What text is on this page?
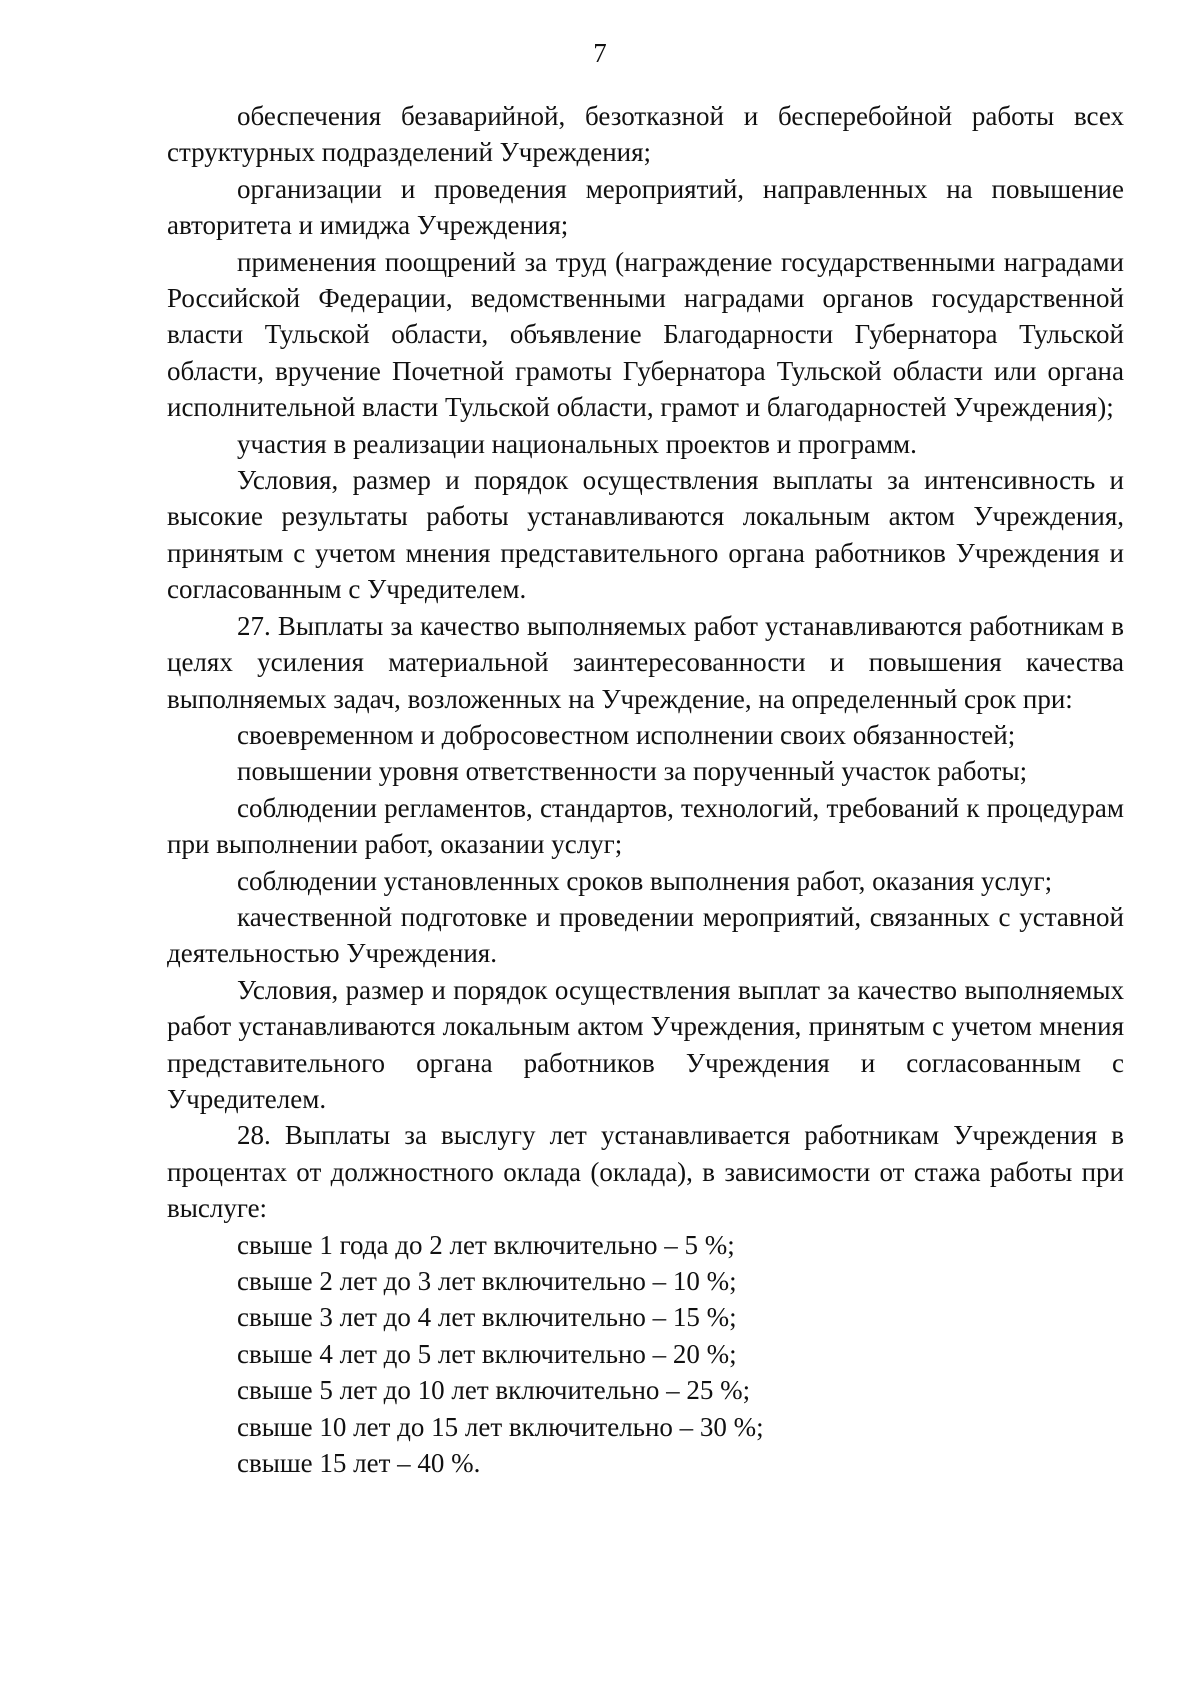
7

обеспечения безаварийной, безотказной и бесперебойной работы всех структурных подразделений Учреждения;

организации и проведения мероприятий, направленных на повышение авторитета и имиджа Учреждения;

применения поощрений за труд (награждение государственными наградами Российской Федерации, ведомственными наградами органов государственной власти Тульской области, объявление Благодарности Губернатора Тульской области, вручение Почетной грамоты Губернатора Тульской области или органа исполнительной власти Тульской области, грамот и благодарностей Учреждения);

участия в реализации национальных проектов и программ.

Условия, размер и порядок осуществления выплаты за интенсивность и высокие результаты работы устанавливаются локальным актом Учреждения, принятым с учетом мнения представительного органа работников Учреждения и согласованным с Учредителем.

27. Выплаты за качество выполняемых работ устанавливаются работникам в целях усиления материальной заинтересованности и повышения качества выполняемых задач, возложенных на Учреждение, на определенный срок при:

своевременном и добросовестном исполнении своих обязанностей;

повышении уровня ответственности за порученный участок работы;

соблюдении регламентов, стандартов, технологий, требований к процедурам при выполнении работ, оказании услуг;

соблюдении установленных сроков выполнения работ, оказания услуг;

качественной подготовке и проведении мероприятий, связанных с уставной деятельностью Учреждения.

Условия, размер и порядок осуществления выплат за качество выполняемых работ устанавливаются локальным актом Учреждения, принятым с учетом мнения представительного органа работников Учреждения и согласованным с Учредителем.

28. Выплаты за выслугу лет устанавливается работникам Учреждения в процентах от должностного оклада (оклада), в зависимости от стажа работы при выслуге:

свыше 1 года до 2 лет включительно – 5 %;

свыше 2 лет до 3 лет включительно – 10 %;

свыше 3 лет до 4 лет включительно – 15 %;

свыше 4 лет до 5 лет включительно – 20 %;

свыше 5 лет до 10 лет включительно – 25 %;

свыше 10 лет до 15 лет включительно – 30 %;

свыше 15 лет – 40 %.
